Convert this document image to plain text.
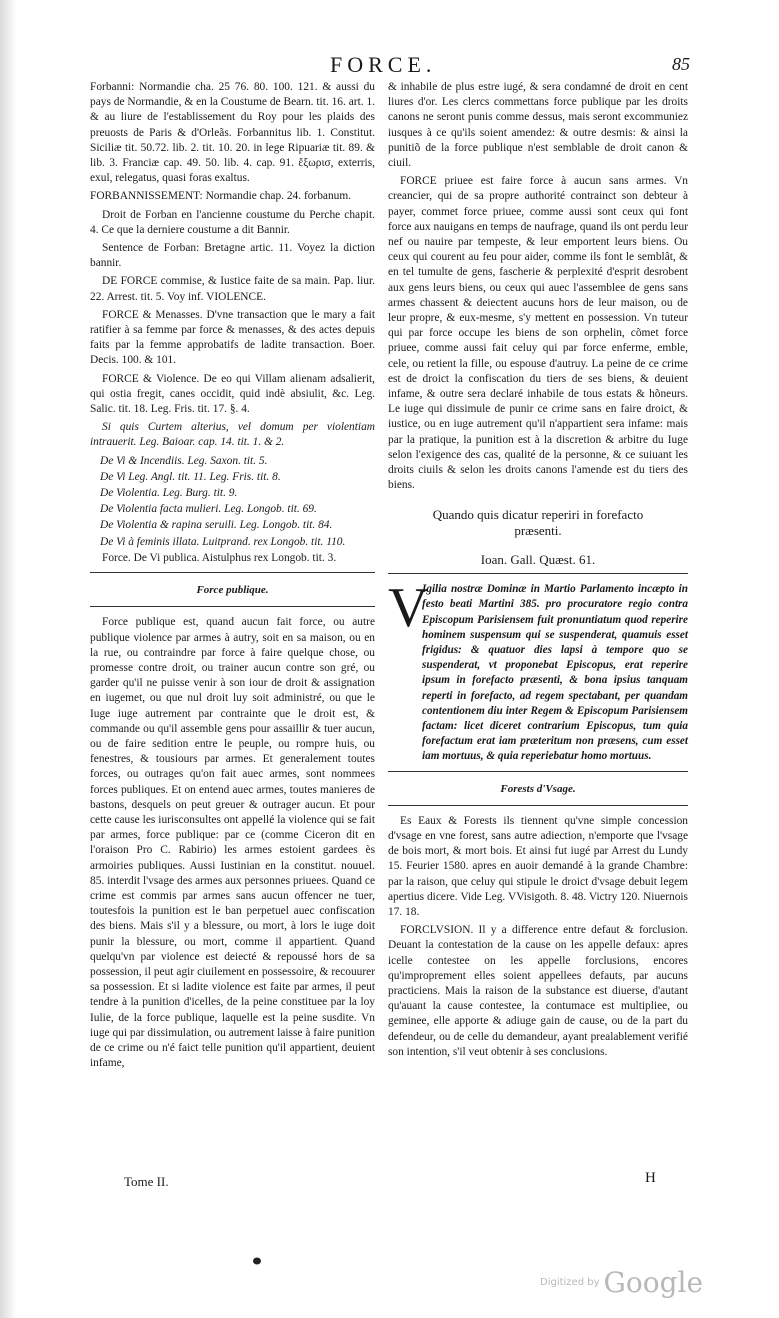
FORCE.	85

Forbanni: Normandie cha. 25 76. 80. 100. 121. & aussi du pays de Normandie, & en la Coustume de Bearn. tit. 16. art. 1. & au liure de l'establissement du Roy pour les plaids des preuosts de Paris & d'Orleãs. Forbannitus lib. 1. Constitut. Siciliæ tit. 50.72. lib. 2. tit. 10. 20. in lege Ripuariæ tit. 89. & lib. 3. Franciæ cap. 49. 50. lib. 4. cap. 91. ἔξωρισ, exterris, exul, relegatus, quasi foras exaltus.

FORBANNISSEMENT: Normandie chap. 24. forbanum.

Droit de Forban en l'ancienne coustume du Perche chapit. 4. Ce que la derniere coustume a dit Bannir.

Sentence de Forban: Bretagne artic. 11. Voyez la diction bannir.

DE FORCE commise, & Iustice faite de sa main. Pap. liur. 22. Arrest. tit. 5. Voy inf. VIOLENCE.

FORCE & Menasses. D'vne transaction que le mary a fait ratifier à sa femme par force & menasses, & des actes depuis faits par la femme approbatifs de ladite transaction. Boer. Decis. 100. & 101.

FORCE & Violence. De eo qui Villam alienam adsalierit, qui ostia fregit, canes occidit, quid indè absiulit, &c. Leg. Salic. tit. 18. Leg. Fris. tit. 17. §. 4.

Si quis Curtem alterius, vel domum per violentiam intrauerit. Leg. Baioar. cap. 14. tit. 1. & 2.

De Vi & Incendiis. Leg. Saxon. tit. 5.

De Vi Leg. Angl. tit. 11. Leg. Fris. tit. 8.

De Violentia. Leg. Burg. tit. 9.

De Violentia facta mulieri. Leg. Longob. tit. 69.

De Violentia & rapina seruili. Leg. Longob. tit. 84.

De Vi à feminis illata. Luitprand. rex Longob. tit. 110.

Force. De Vi publica. Aistulphus rex Longob. tit. 3.

Force publique.

Force publique est, quand aucun fait force, ou autre publique violence par armes à autry, soit en sa maison, ou en la rue, ou contraindre par force à faire quelque chose, ou promesse contre droit, ou trainer aucun contre son gré, ou garder qu'il ne puisse venir à son iour de droit & assignation en iugemet, ou que nul droit luy soit administré, ou que le Iuge iuge autrement par contrainte que le droit est, & commande ou qu'il assemble gens pour assaillir & tuer aucun, ou de faire sedition entre le peuple, ou rompre huis, ou fenestres, & tousiours par armes. Et generalement toutes forces, ou outrages qu'on fait auec armes, sont nommees forces publiques. Et on entend auec armes, toutes manieres de bastons, desquels on peut greuer & outrager aucun. Et pour cette cause les iurisconsultes ont appellé la violence qui se fait par armes, force publique: par ce (comme Ciceron dit en l'oraison Pro C. Rabirio) les armes estoient gardees ès armoiries publiques. Aussi Iustinian en la constitut. nouuel. 85. interdit l'vsage des armes aux personnes priuees. Quand ce crime est commis par armes sans aucun offencer ne tuer, toutesfois la punition est le ban perpetuel auec confiscation des biens. Mais s'il y a blessure, ou mort, à lors le iuge doit punir la blessure, ou mort, comme il appartient. Quand quelqu'vn par violence est deiecté & repoussé hors de sa possession, il peut agir ciuilement en possessoire, & recouurer sa possession. Et si ladite violence est faite par armes, il peut tendre à la punition d'icelles, de la peine constituee par la loy Iulie, de la force publique, laquelle est la peine susdite. Vn iuge qui par dissimulation, ou autrement laisse à faire punition de ce crime ou n'é faict telle punition qu'il appartient, deuient infame,

& inhabile de plus estre iugé, & sera condamné de droit en cent liures d'or. Les clercs commettans force publique par les droits canons ne seront punis comme dessus, mais seront excommuniez iusques à ce qu'ils soient amendez: & outre desmis: & ainsi la punitiõ de la force publique n'est semblable de droit canon & ciuil.

FORCE priuee est faire force à aucun sans armes. Vn creancier, qui de sa propre authorité contrainct son debteur à payer, commet force priuee, comme aussi sont ceux qui font force aux nauigans en temps de naufrage, quand ils ont perdu leur nef ou nauire par tempeste, & leur emportent leurs biens. Ou ceux qui courent au feu pour aider, comme ils font le semblât, & en tel tumulte de gens, fascherie & perplexité d'esprit desrobent aux gens leurs biens, ou ceux qui auec l'assemblee de gens sans armes chassent & deiectent aucuns hors de leur maison, ou de leur propre, & eux-mesme, s'y mettent en possession. Vn tuteur qui par force occupe les biens de son orphelin, cõmet force priuee, comme aussi fait celuy qui par force enferme, emble, cele, ou retient la fille, ou espouse d'autruy. La peine de ce crime est de droict la confiscation du tiers de ses biens, & deuient infame, & outre sera declaré inhabile de tous estats & hõneurs. Le iuge qui dissimule de punir ce crime sans en faire droict, & iustice, ou en iuge autrement qu'il n'appartient sera infame: mais par la pratique, la punition est à la discretion & arbitre du Iuge selon l'exigence des cas, qualité de la personne, & ce suiuant les droits ciuils & selon les droits canons l'amende est du tiers des biens.

Quando quis dicatur reperiri in forefacto
præsenti.
Ioan. Gall. Quæst. 61.
V
Igilia nostræ Dominæ in Martio Parlamento incæpto in festo beati Martini 385. pro procuratore regio contra Episcopum Parisiensem fuit pronuntiatum quod reperire hominem suspensum qui se suspenderat, quamuis esset frigidus: & quatuor dies lapsi à tempore quo se suspenderat, vt proponebat Episcopus, erat reperire ipsum in forefacto præsenti, & bona ipsius tanquam reperti in forefacto, ad regem spectabant, per quandam contentionem diu inter Regem & Episcopum Parisiensem factam: licet diceret contrarium Episcopus, tum quia forefactum erat iam præteritum non præsens, cum esset iam mortuus, & quia reperiebatur homo mortuus.
Forests d'Vsage.

Es Eaux & Forests ils tiennent qu'vne simple concession d'vsage en vne forest, sans autre adiection, n'emporte que l'vsage de bois mort, & mort bois. Et ainsi fut iugé par Arrest du Lundy 15. Feurier 1580. apres en auoir demandé à la grande Chambre: par la raison, que celuy qui stipule le droict d'vsage debuit legem apertius dicere. Vide Leg. VVisigoth. 8. 48. Victry 120. Niuernois 17. 18.

FORCLVSION. Il y a difference entre defaut & forclusion. Deuant la contestation de la cause on les appelle defaux: apres icelle contestee on les appelle forclusions, encores qu'improprement elles soient appellees defauts, par aucuns practiciens. Mais la raison de la substance est diuerse, d'autant qu'auant la cause contestee, la contumace est multipliee, ou geminee, elle apporte & adiuge gain de cause, ou de la part du defendeur, ou de celle du demandeur, ayant prealablement verifié son intention, s'il veut obtenir à ses conclusions.

Tome II.	H
Digitized by Google
